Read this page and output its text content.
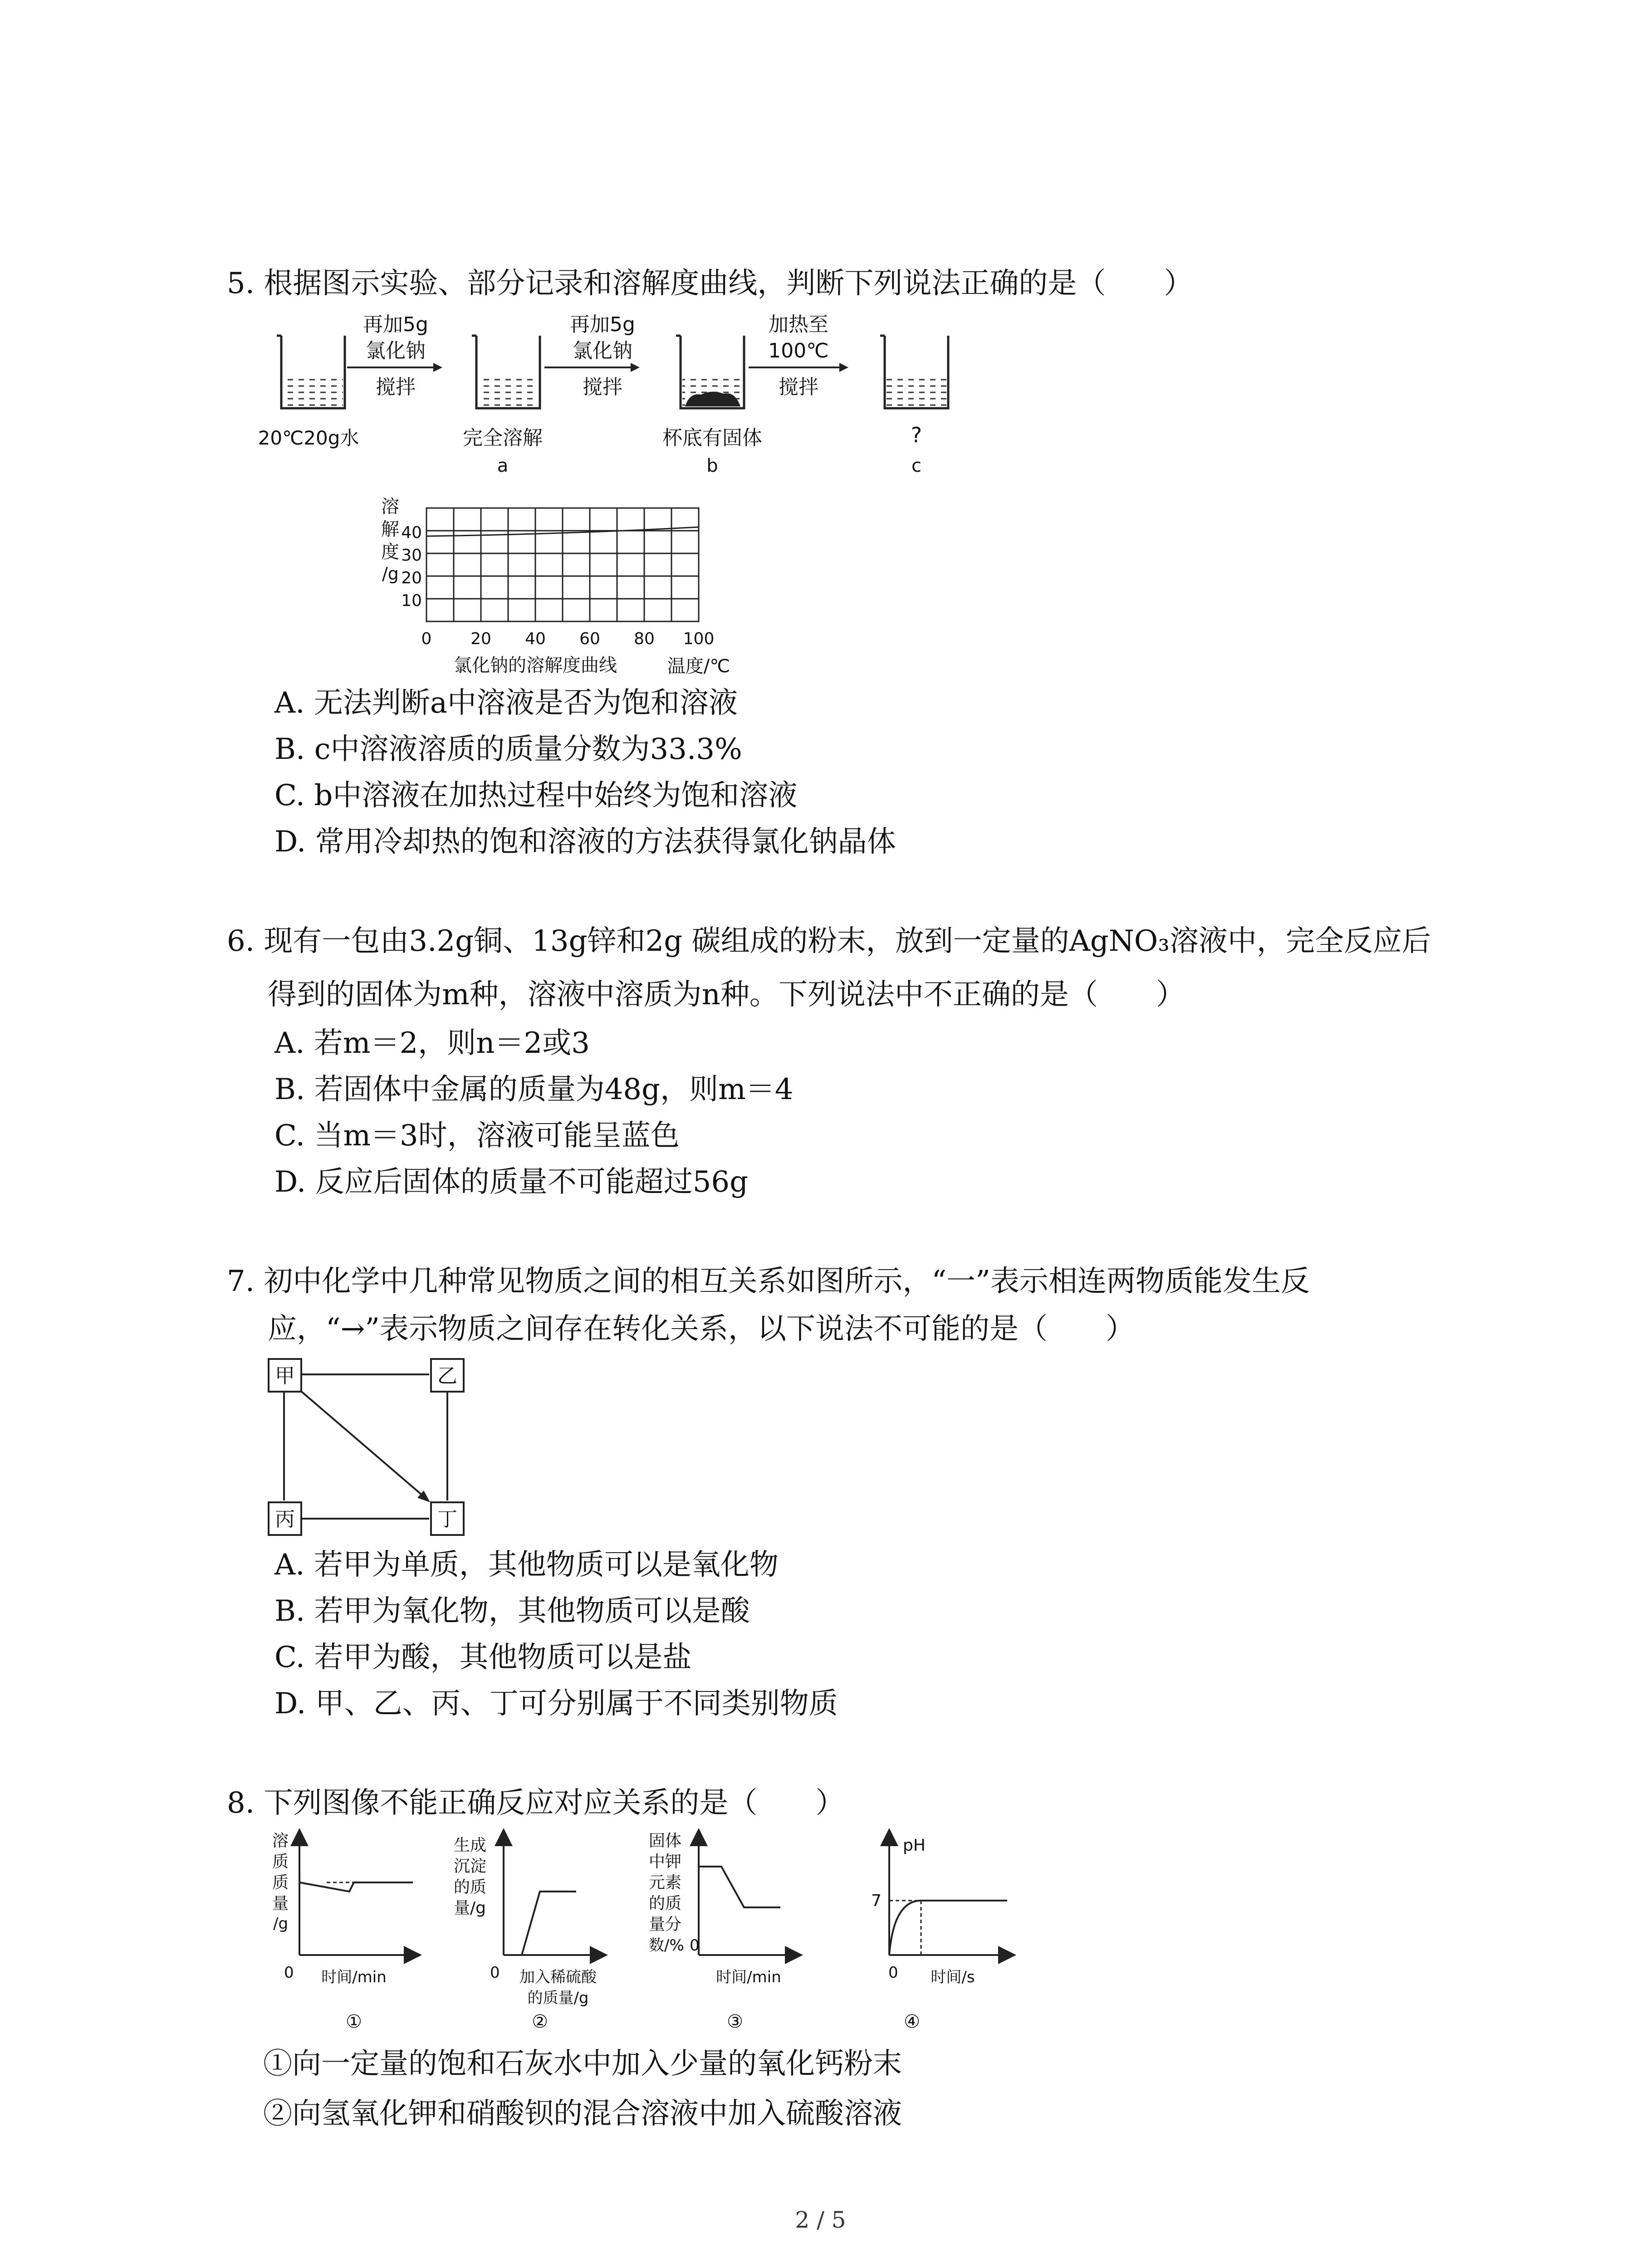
5. 根据图示实验、部分记录和溶解度曲线，判断下列说法正确的是（　　）
再加5g
氯化钠
搅拌
再加5g
氯化钠
搅拌
加热至
100℃
搅拌
20℃20g水	完全溶解
a
杯底有固体
b
?
c
溶
解
度
/g
40
30
20
10
0 20 40 60 80 100
氯化钠的溶解度曲线	温度/℃
A. 无法判断a中溶液是否为饱和溶液
B. c中溶液溶质的质量分数为33.3%
C. b中溶液在加热过程中始终为饱和溶液
D. 常用冷却热的饱和溶液的方法获得氯化钠晶体
6. 现有一包由3.2g铜、13g锌和2g 碳组成的粉末，放到一定量的AgNO₃溶液中，完全反应后
得到的固体为m种，溶液中溶质为n种。下列说法中不正确的是（　　）
A. 若m＝2，则n＝2或3
B. 若固体中金属的质量为48g，则m＝4
C. 当m＝3时，溶液可能呈蓝色
D. 反应后固体的质量不可能超过56g
7. 初中化学中几种常见物质之间的相互关系如图所示，“一”表示相连两物质能发生反
应，“→”表示物质之间存在转化关系，以下说法不可能的是（　　）
甲	乙
丙	丁
A. 若甲为单质，其他物质可以是氧化物
B. 若甲为氧化物，其他物质可以是酸
C. 若甲为酸，其他物质可以是盐
D. 甲、乙、丙、丁可分别属于不同类别物质
8. 下列图像不能正确反应对应关系的是（　　）
溶
质
质
量
/g
0 时间/min
①
生成
沉淀
的质
量/g
0 加入稀硫酸
的质量/g
②
固体
中钾
元素
的质
量分
数/% 0
时间/min
③
pH
7
0 时间/s
④
①向一定量的饱和石灰水中加入少量的氧化钙粉末
②向氢氧化钾和硝酸钡的混合溶液中加入硫酸溶液
2 / 5
